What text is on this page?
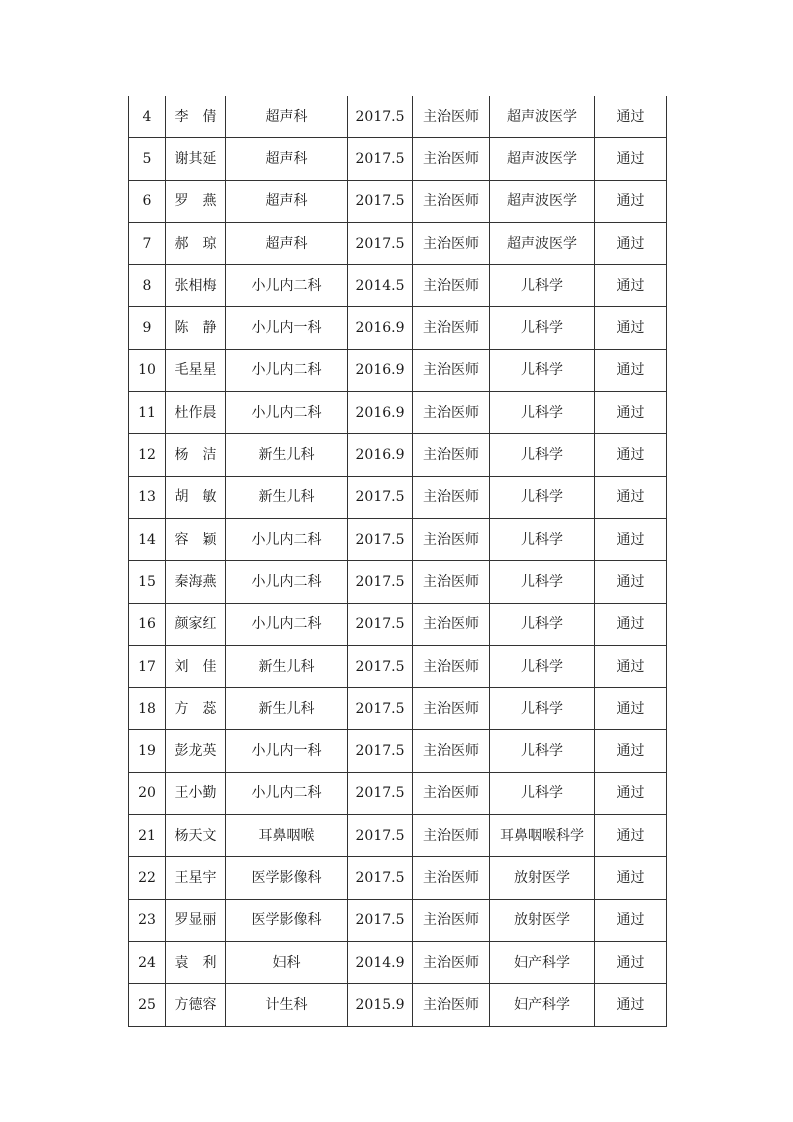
4	李　倩	超声科	2017.5	主治医师	超声波医学	通过
5	谢其延	超声科	2017.5	主治医师	超声波医学	通过
6	罗　燕	超声科	2017.5	主治医师	超声波医学	通过
7	郝　琼	超声科	2017.5	主治医师	超声波医学	通过
8	张相梅	小儿内二科	2014.5	主治医师	儿科学	通过
9	陈　静	小儿内一科	2016.9	主治医师	儿科学	通过
10	毛星星	小儿内二科	2016.9	主治医师	儿科学	通过
11	杜作晨	小儿内二科	2016.9	主治医师	儿科学	通过
12	杨　洁	新生儿科	2016.9	主治医师	儿科学	通过
13	胡　敏	新生儿科	2017.5	主治医师	儿科学	通过
14	容　颖	小儿内二科	2017.5	主治医师	儿科学	通过
15	秦海燕	小儿内二科	2017.5	主治医师	儿科学	通过
16	颜家红	小儿内二科	2017.5	主治医师	儿科学	通过
17	刘　佳	新生儿科	2017.5	主治医师	儿科学	通过
18	方　蕊	新生儿科	2017.5	主治医师	儿科学	通过
19	彭龙英	小儿内一科	2017.5	主治医师	儿科学	通过
20	王小勤	小儿内二科	2017.5	主治医师	儿科学	通过
21	杨天文	耳鼻咽喉	2017.5	主治医师	耳鼻咽喉科学	通过
22	王星宇	医学影像科	2017.5	主治医师	放射医学	通过
23	罗显丽	医学影像科	2017.5	主治医师	放射医学	通过
24	袁　利	妇科	2014.9	主治医师	妇产科学	通过
25	方德容	计生科	2015.9	主治医师	妇产科学	通过
